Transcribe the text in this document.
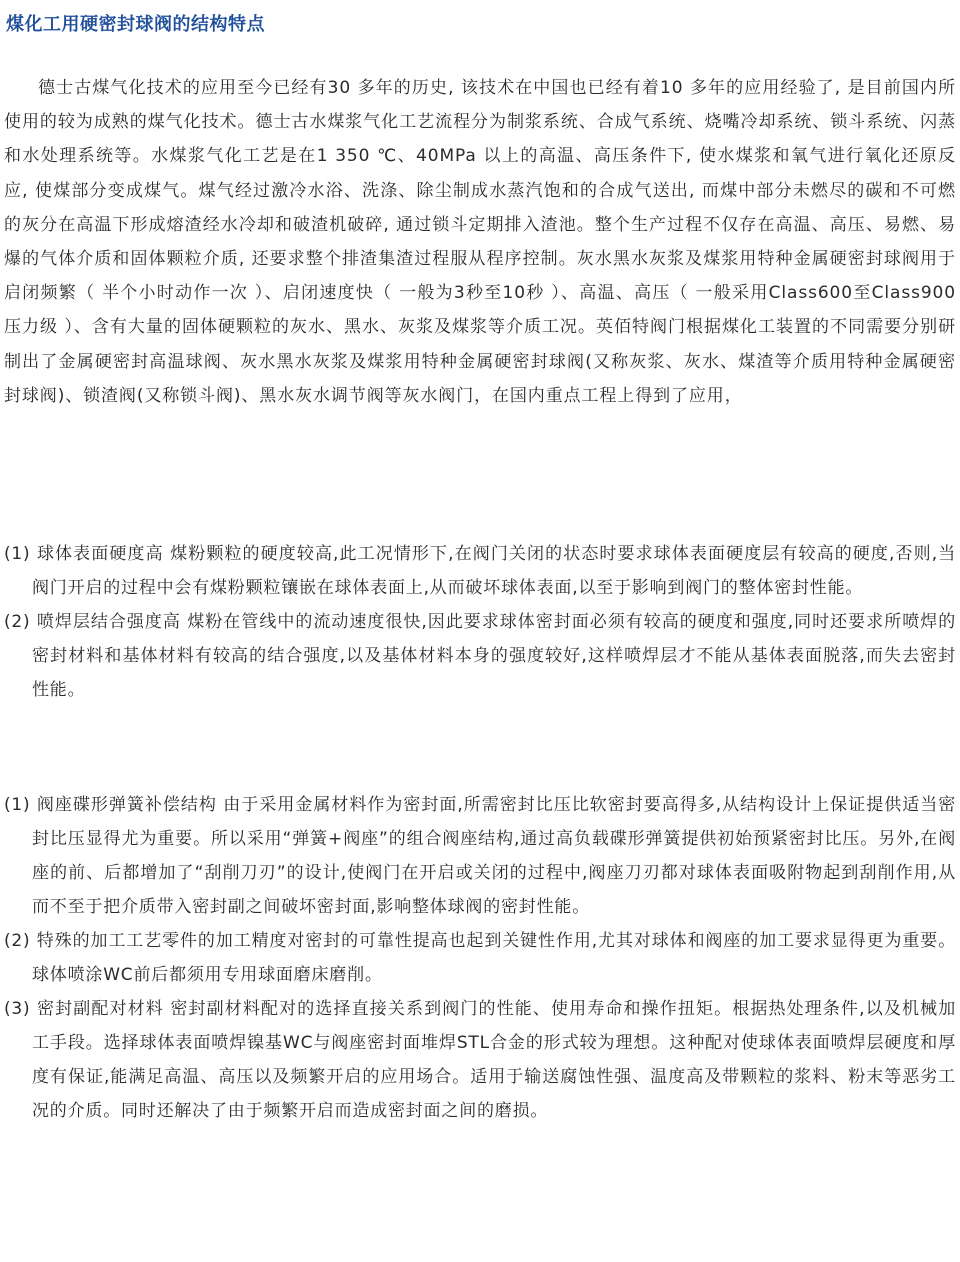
煤化工用硬密封球阀的结构特点

德士古煤气化技术的应用至今已经有30 多年的历史, 该技术在中国也已经有着10 多年的应用经验了, 是目前国内所使用的较为成熟的煤气化技术。德士古水煤浆气化工艺流程分为制浆系统、合成气系统、烧嘴冷却系统、锁斗系统、闪蒸和水处理系统等。水煤浆气化工艺是在1 350 ℃、40MPa 以上的高温、高压条件下, 使水煤浆和氧气进行氧化还原反应, 使煤部分变成煤气。煤气经过激冷水浴、洗涤、除尘制成水蒸汽饱和的合成气送出, 而煤中部分未燃尽的碳和不可燃的灰分在高温下形成熔渣经水冷却和破渣机破碎, 通过锁斗定期排入渣池。整个生产过程不仅存在高温、高压、易燃、易爆的气体介质和固体颗粒介质, 还要求整个排渣集渣过程服从程序控制。灰水黑水灰浆及煤浆用特种金属硬密封球阀用于启闭频繁（ 半个小时动作一次 ）、启闭速度快（ 一般为3秒至10秒 ）、高温、高压（ 一般采用Class600至Class900压力级 ）、含有大量的固体硬颗粒的灰水、黑水、灰浆及煤浆等介质工况。英佰特阀门根据煤化工装置的不同需要分别研制出了金属硬密封高温球阀、灰水黑水灰浆及煤浆用特种金属硬密封球阀(又称灰浆、灰水、煤渣等介质用特种金属硬密封球阀)、锁渣阀(又称锁斗阀)、黑水灰水调节阀等灰水阀门，在国内重点工程上得到了应用，

(1) 球体表面硬度高 煤粉颗粒的硬度较高,此工况情形下,在阀门关闭的状态时要求球体表面硬度层有较高的硬度,否则,当阀门开启的过程中会有煤粉颗粒镶嵌在球体表面上,从而破坏球体表面,以至于影响到阀门的整体密封性能。
(2) 喷焊层结合强度高 煤粉在管线中的流动速度很快,因此要求球体密封面必须有较高的硬度和强度,同时还要求所喷焊的密封材料和基体材料有较高的结合强度,以及基体材料本身的强度较好,这样喷焊层才不能从基体表面脱落,而失去密封性能。
(1) 阀座碟形弹簧补偿结构 由于采用金属材料作为密封面,所需密封比压比软密封要高得多,从结构设计上保证提供适当密封比压显得尤为重要。所以采用“弹簧+阀座”的组合阀座结构,通过高负载碟形弹簧提供初始预紧密封比压。另外,在阀座的前、后都增加了“刮削刀刃”的设计,使阀门在开启或关闭的过程中,阀座刀刃都对球体表面吸附物起到刮削作用,从而不至于把介质带入密封副之间破坏密封面,影响整体球阀的密封性能。
(2) 特殊的加工工艺零件的加工精度对密封的可靠性提高也起到关键性作用,尤其对球体和阀座的加工要求显得更为重要。球体喷涂WC前后都须用专用球面磨床磨削。
(3) 密封副配对材料 密封副材料配对的选择直接关系到阀门的性能、使用寿命和操作扭矩。根据热处理条件,以及机械加工手段。选择球体表面喷焊镍基WC与阀座密封面堆焊STL合金的形式较为理想。这种配对使球体表面喷焊层硬度和厚度有保证,能满足高温、高压以及频繁开启的应用场合。适用于输送腐蚀性强、温度高及带颗粒的浆料、粉末等恶劣工况的介质。同时还解决了由于频繁开启而造成密封面之间的磨损。
